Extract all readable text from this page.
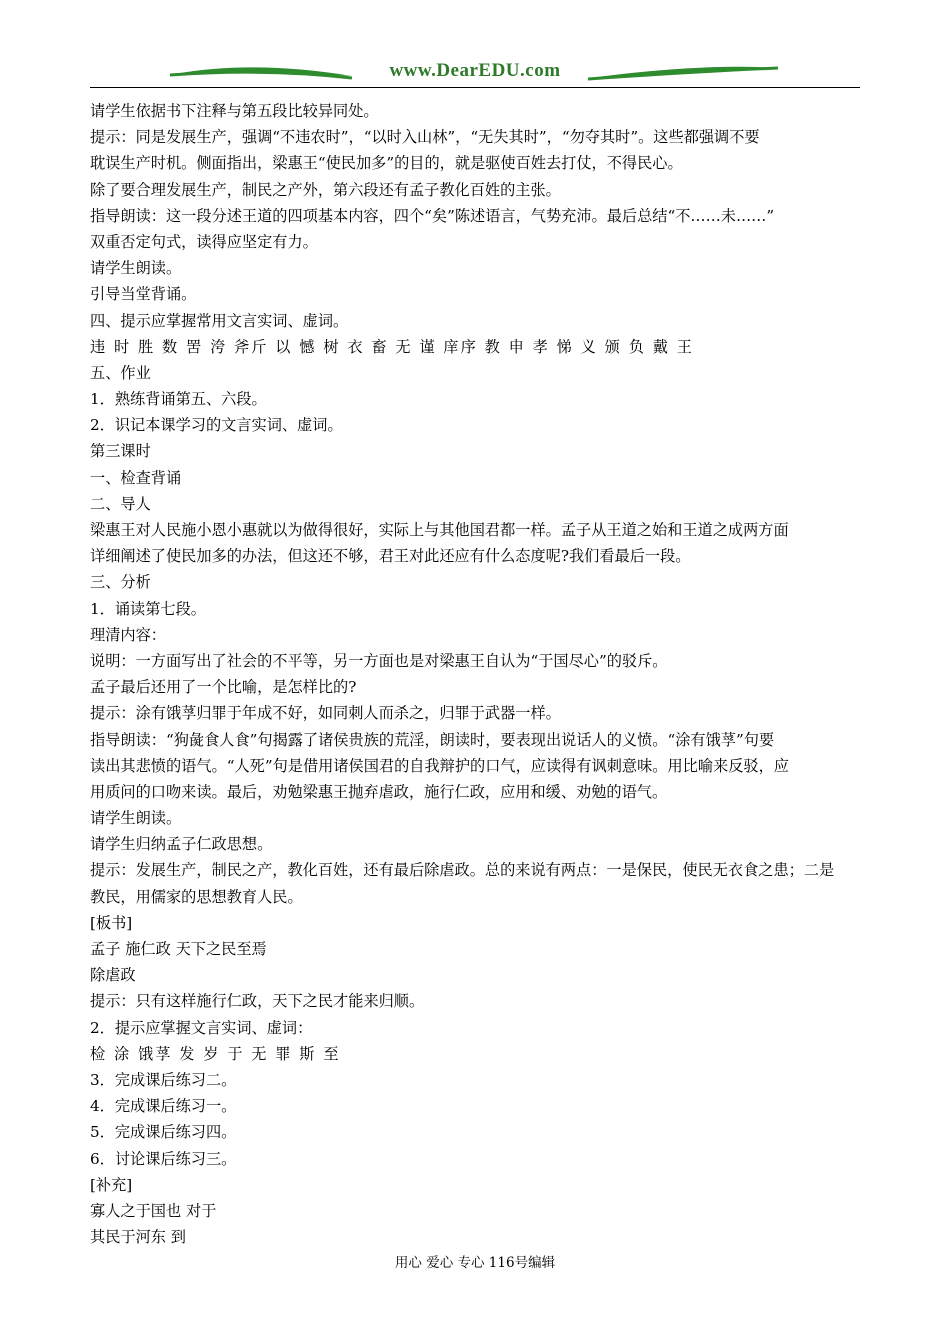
www.DearEDU.com
请学生依据书下注释与第五段比较异同处。
提示：同是发展生产，强调“不违农时”，“以时入山林”，“无失其时”，“勿夺其时”。这些都强调不要
耽误生产时机。侧面指出，梁惠王“使民加多”的目的，就是驱使百姓去打仗，不得民心。
除了要合理发展生产，制民之产外，第六段还有孟子教化百姓的主张。
指导朗读：这一段分述王道的四项基本内容，四个“矣”陈述语言，气势充沛。最后总结“不……未……”
双重否定句式，读得应坚定有力。
请学生朗读。
引导当堂背诵。
四、提示应掌握常用文言实词、虚词。
违 时 胜 数 罟 洿 斧斤 以 憾 树 衣 畜 无 谨 庠序 教 申 孝 悌 义 颁 负 戴 王
五、作业
1．熟练背诵第五、六段。
2．识记本课学习的文言实词、虚词。
第三课时
一、检查背诵
二、导人
梁惠王对人民施小恩小惠就以为做得很好，实际上与其他国君都一样。孟子从王道之始和王道之成两方面
详细阐述了使民加多的办法，但这还不够，君王对此还应有什么态度呢?我们看最后一段。
三、分析
1．诵读第七段。
理清内容：
说明：一方面写出了社会的不平等，另一方面也是对梁惠王自认为“于国尽心”的驳斥。
孟子最后还用了一个比喻，是怎样比的?
提示：涂有饿莩归罪于年成不好，如同刺人而杀之，归罪于武器一样。
指导朗读：“狗彘食人食”句揭露了诸侯贵族的荒淫，朗读时，要表现出说话人的义愤。“涂有饿莩”句要
读出其悲愤的语气。“人死”句是借用诸侯国君的自我辩护的口气，应读得有讽刺意味。用比喻来反驳，应
用质问的口吻来读。最后，劝勉梁惠王抛弃虐政，施行仁政，应用和缓、劝勉的语气。
请学生朗读。
请学生归纳孟子仁政思想。
提示：发展生产，制民之产，教化百姓，还有最后除虐政。总的来说有两点：一是保民，使民无衣食之患；二是
教民，用儒家的思想教育人民。
[板书]
孟子 施仁政 天下之民至焉
除虐政
提示：只有这样施行仁政，天下之民才能来归顺。
2．提示应掌握文言实词、虚词：
检 涂 饿莩 发 岁 于 无 罪 斯 至
3．完成课后练习二。
4．完成课后练习一。
5．完成课后练习四。
6．讨论课后练习三。
[补充]
寡人之于国也 对于
其民于河东 到
用心 爱心 专心 116号编辑
